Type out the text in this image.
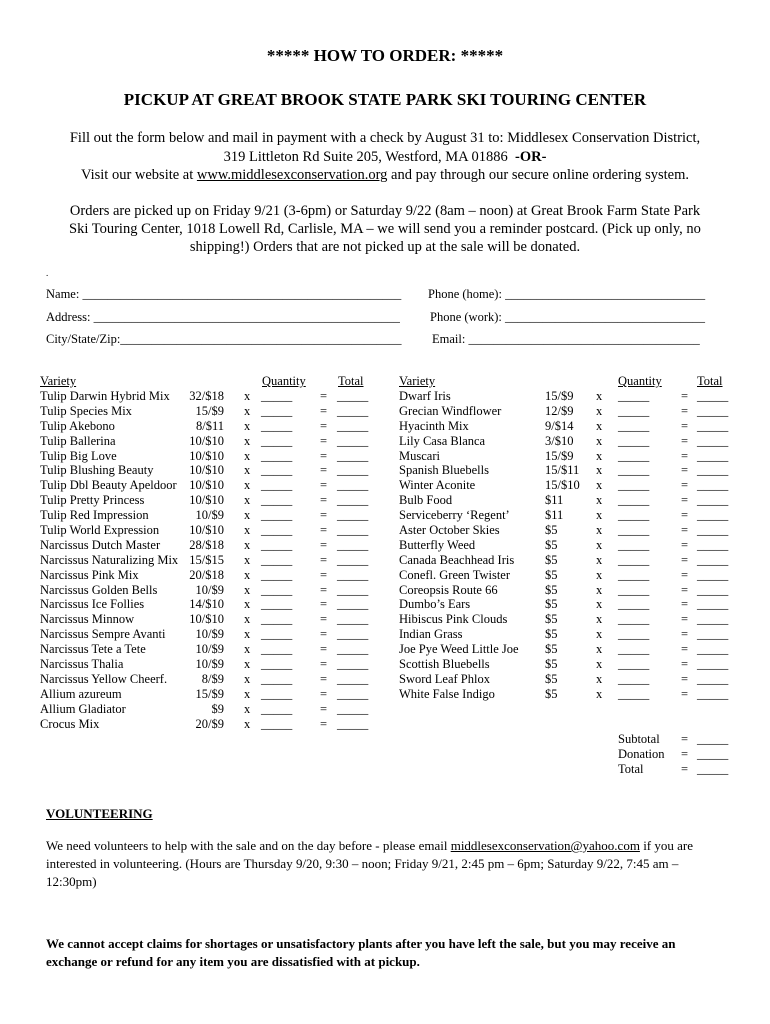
***** HOW TO ORDER: *****
PICKUP AT GREAT BROOK STATE PARK SKI TOURING CENTER
Fill out the form below and mail in payment with a check by August 31 to: Middlesex Conservation District,
319 Littleton Rd Suite 205, Westford, MA 01886 -OR-
Visit our website at www.middlesexconservation.org and pay through our secure online ordering system.
Orders are picked up on Friday 9/21 (3-6pm) or Saturday 9/22 (8am – noon) at Great Brook Farm State Park
Ski Touring Center, 1018 Lowell Rd, Carlisle, MA – we will send you a reminder postcard. (Pick up only, no
shipping!) Orders that are not picked up at the sale will be donated.
.
Name: ___________________________________________________
Address: _________________________________________________
City/State/Zip:_____________________________________________
Phone (home): ________________________________
Phone (work): ________________________________
Email: _____________________________________
Variety	Quantity	Total	Variety	Quantity	Total
Tulip Darwin Hybrid Mix 32/$18 x _____ = _____
Tulip Species Mix	15/$9 x _____ = _____
Tulip Akebono	8/$11 x _____ = _____
Tulip Ballerina	10/$10 x _____ = _____
Tulip Big Love	10/$10 x _____ = _____
Tulip Blushing Beauty	10/$10 x _____ = _____
Tulip Dbl Beauty Apeldoor 10/$10 x _____ = _____
Tulip Pretty Princess	10/$10 x _____ = _____
Tulip Red Impression	10/$9 x _____ = _____
Tulip World Expression 10/$10 x _____ = _____
Narcissus Dutch Master 28/$18 x _____ = _____
Narcissus Naturalizing Mix 15/$15 x _____ = _____
Narcissus Pink Mix	20/$18 x _____ = _____
Narcissus Golden Bells	10/$9 x _____ = _____
Narcissus Ice Follies	14/$10 x _____ = _____
Narcissus Minnow	10/$10 x _____ = _____
Narcissus Sempre Avanti 10/$9 x _____ = _____
Narcissus Tete a Tete	10/$9 x _____ = _____
Narcissus Thalia	10/$9 x _____ = _____
Narcissus Yellow Cheerf.	8/$9 x _____ = _____
Allium azureum	15/$9 x _____ = _____
Allium Gladiator	$9 x _____ = _____
Crocus Mix	20/$9 x _____ = _____
Dwarf Iris	15/$9 x _____	= _____
Grecian Windflower	12/$9 x _____	= _____
Hyacinth Mix	9/$14 x _____	= _____
Lily Casa Blanca	3/$10 x _____	= _____
Muscari	15/$9 x _____	= _____
Spanish Bluebells	15/$11 x _____	= _____
Winter Aconite	15/$10 x _____	= _____
Bulb Food	$11	x _____	= _____
Serviceberry ‘Regent’	$11	x _____	= _____
Aster October Skies	$5	x _____	= _____
Butterfly Weed	$5	x _____	= _____
Canada Beachhead Iris $5	x _____	= _____
Conefl. Green Twister	$5	x _____	= _____
Coreopsis Route 66	$5	x _____	= _____
Dumbo’s Ears	$5	x _____	= _____
Hibiscus Pink Clouds	$5	x _____	= _____
Indian Grass	$5	x _____	= _____
Joe Pye Weed Little Joe $5	x _____	= _____
Scottish Bluebells	$5	x _____	= _____
Sword Leaf Phlox	$5	x _____	= _____
White False Indigo	$5	x _____	= _____
Subtotal = _____
Donation = _____
Total	= _____
VOLUNTEERING
We need volunteers to help with the sale and on the day before - please email middlesexconservation@yahoo.com if you are interested in volunteering. (Hours are Thursday 9/20, 9:30 – noon; Friday 9/21, 2:45 pm – 6pm; Saturday 9/22, 7:45 am – 12:30pm)
We cannot accept claims for shortages or unsatisfactory plants after you have left the sale, but you may receive an exchange or refund for any item you are dissatisfied with at pickup.
